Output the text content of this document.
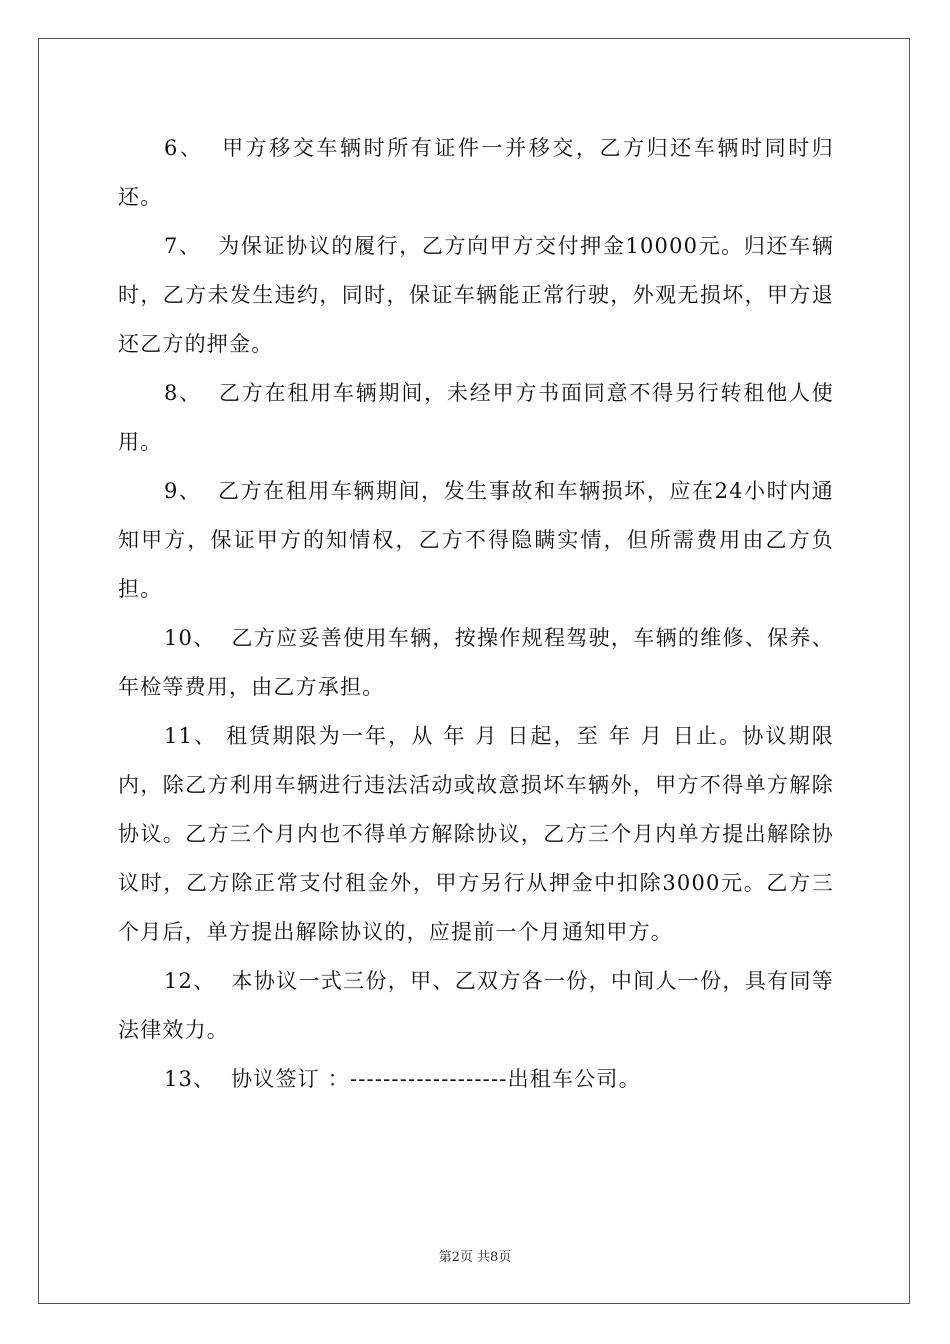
6、  甲方移交车辆时所有证件一并移交，乙方归还车辆时同时归还。

7、  为保证协议的履行，乙方向甲方交付押金10000元。归还车辆时，乙方未发生违约，同时，保证车辆能正常行驶，外观无损坏，甲方退还乙方的押金。

8、  乙方在租用车辆期间，未经甲方书面同意不得另行转租他人使用。

9、  乙方在租用车辆期间，发生事故和车辆损坏，应在24小时内通知甲方，保证甲方的知情权，乙方不得隐瞒实情，但所需费用由乙方负担。

10、  乙方应妥善使用车辆，按操作规程驾驶，车辆的维修、保养、年检等费用，由乙方承担。

11、 租赁期限为一年，从 年 月 日起，至 年 月 日止。协议期限内，除乙方利用车辆进行违法活动或故意损坏车辆外，甲方不得单方解除协议。乙方三个月内也不得单方解除协议，乙方三个月内单方提出解除协议时，乙方除正常支付租金外，甲方另行从押金中扣除3000元。乙方三个月后，单方提出解除协议的，应提前一个月通知甲方。

12、  本协议一式三份，甲、乙双方各一份，中间人一份，具有同等法律效力。

13、  协议签订 ：-------------------出租车公司。

第2页 共8页
